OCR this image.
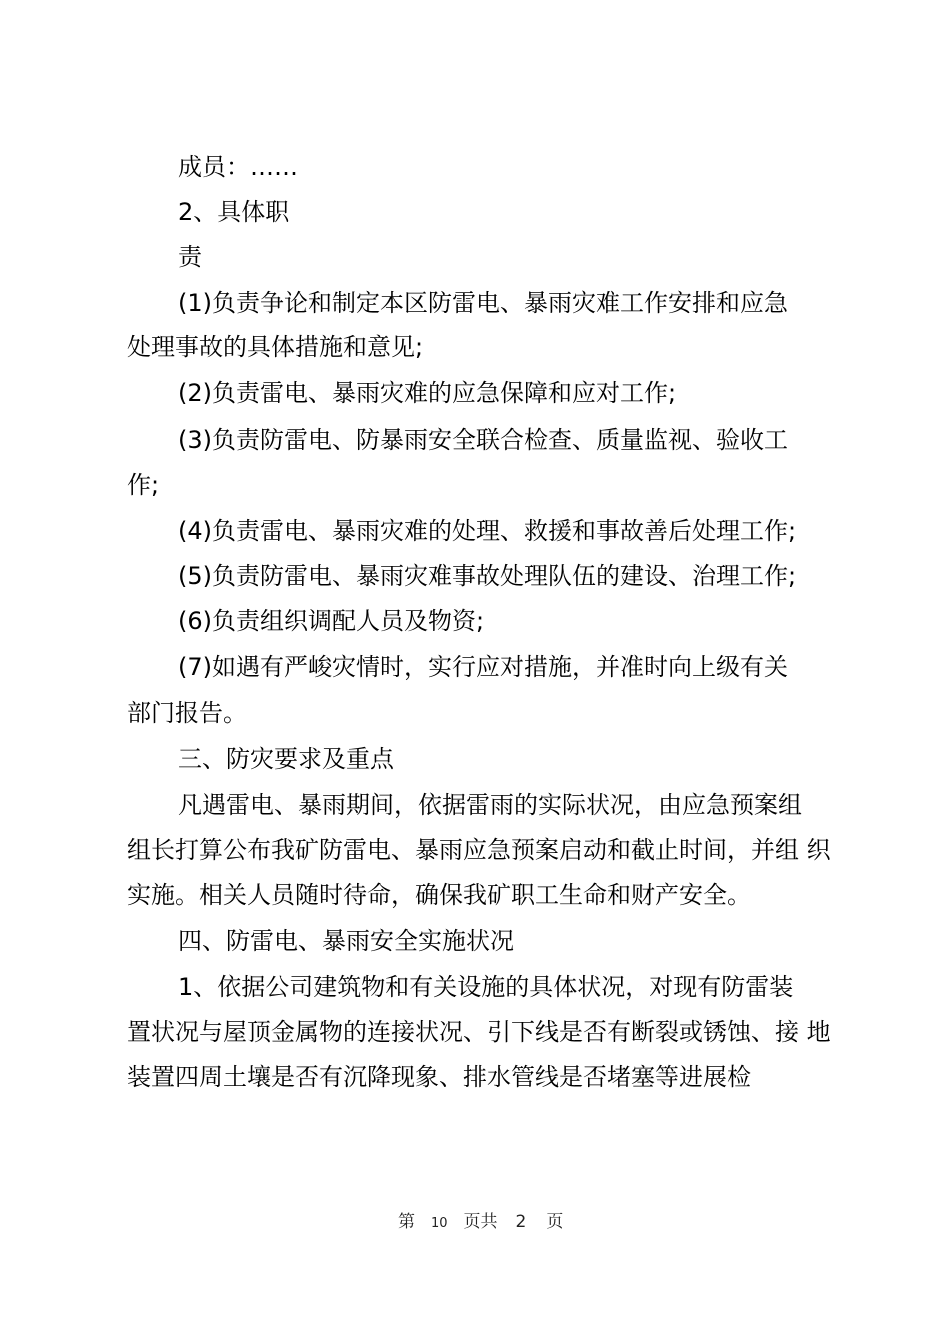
成员：……
2、具体职
责
(1)负责争论和制定本区防雷电、暴雨灾难工作安排和应急
处理事故的具体措施和意见;
(2)负责雷电、暴雨灾难的应急保障和应对工作;
(3)负责防雷电、防暴雨安全联合检查、质量监视、验收工
作;
(4)负责雷电、暴雨灾难的处理、救援和事故善后处理工作;
(5)负责防雷电、暴雨灾难事故处理队伍的建设、治理工作;
(6)负责组织调配人员及物资;
(7)如遇有严峻灾情时，实行应对措施，并准时向上级有关
部门报告。
三、防灾要求及重点
凡遇雷电、暴雨期间，依据雷雨的实际状况，由应急预案组
组长打算公布我矿防雷电、暴雨应急预案启动和截止时间，并组 织
实施。相关人员随时待命，确保我矿职工生命和财产安全。
四、防雷电、暴雨安全实施状况
1、依据公司建筑物和有关设施的具体状况，对现有防雷装
置状况与屋顶金属物的连接状况、引下线是否有断裂或锈蚀、接 地
装置四周土壤是否有沉降现象、排水管线是否堵塞等进展检
第 10 页共 2 页
